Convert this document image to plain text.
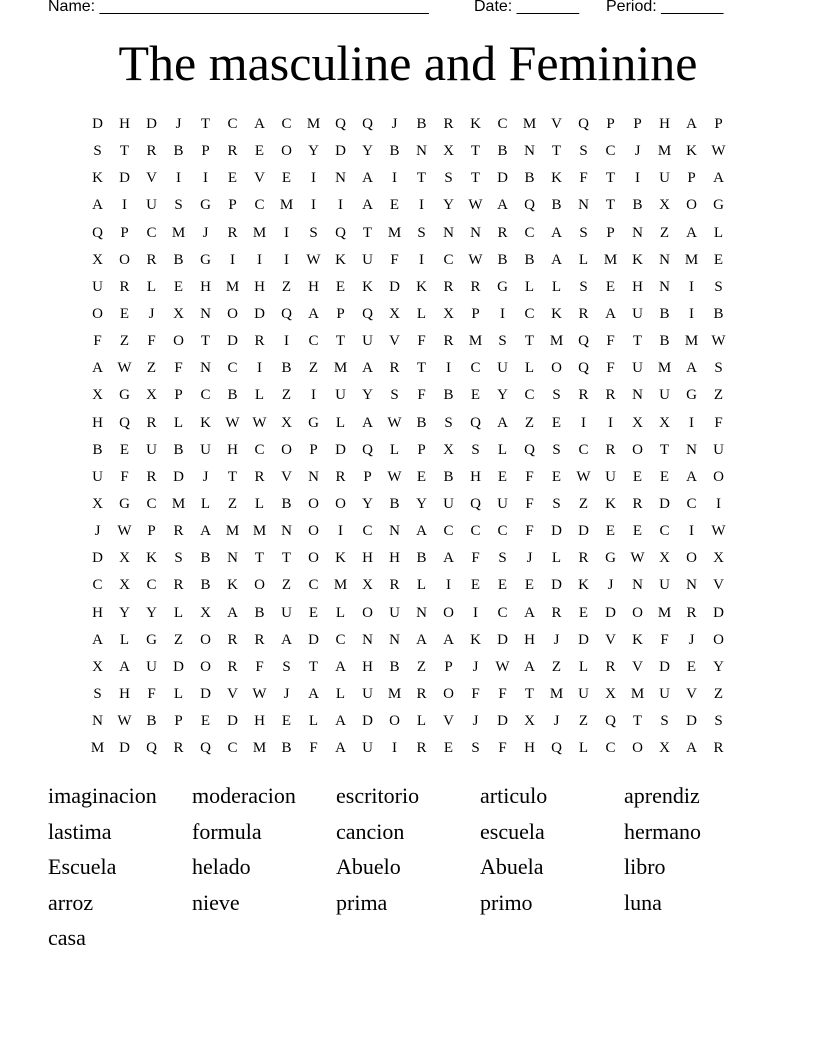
Name: _____________________________________	Date: _______ Period: _______
The masculine and Feminine
D	H	D	J	T	C	A	C	M Q	Q	J	B	R	K	C	M V	Q	P	P	H	A	P
S	T	R	B	P	R	E	O	Y	D	Y	B	N	X	T	B	N	T	S	C	J	M K W
K	D	V	I	I	E	V	E	I	N	A	I	T	S	T	D	B	K	F	T	I	U	P	A
A	I	U	S	G	P	C	M	I	I	A	E	I	Y W A	Q	B	N	T	B	X	O	G
Q	P	C	M	J	R	M	I	S	Q	T	M	S	N	N	R	C	A	S	P	N	Z	A	L
X	O	R	B	G	I	I	I	W K	U	F	I	C W B	B	A	L	M K	N M	E
U	R	L	E	H M H	Z	H	E	K	D	K	R	R	G	L	L	S	E	H	N	I	S
O	E	J	X	N	O	D	Q	A	P	Q	X	L	X	P	I	C	K	R	A	U	B	I	B
F	Z	F	O	T	D	R	I	C	T	U	V	F	R	M	S	T	M Q	F	T	B	M W
A W	Z	F	N	C	I	B	Z	M A	R	T	I	C	U	L	O	Q	F	U M A	S
X	G	X	P	C	B	L	Z	I	U	Y	S	F	B	E	Y	C	S	R	R	N	U	G	Z
H	Q	R	L	K W W X	G	L	A W B	S	Q	A	Z	E	I	I	X	X	I	F
B	E	U	B	U	H	C	O	P	D	Q	L	P	X	S	L	Q	S	C	R	O	T	N	U
U	F	R	D	J	T	R	V	N	R	P	W	E	B	H	E	F	E	W U	E	E	A	O
X	G	C	M	L	Z	L	B	O	O	Y	B	Y	U	Q	U	F	S	Z	K	R	D	C	I
J	W	P	R	A M M N	O	I	C	N	A	C	C	C	F	D	D	E	E	C	I	W
D	X	K	S	B	N	T	T	O	K	H	H	B	A	F	S	J	L	R	G W X	O	X
C	X	C	R	B	K	O	Z	C	M X	R	L	I	E	E	E	D	K	J	N	U	N	V
H	Y	Y	L	X	A	B	U	E	L	O	U	N	O	I	C	A	R	E	D	O M	R	D
A	L	G	Z	O	R	R	A	D	C	N	N	A	A	K	D	H	J	D	V	K	F	J	O
X	A	U	D	O	R	F	S	T	A	H	B	Z	P	J	W A	Z	L	R	V	D	E	Y
S	H	F	L	D	V W	J	A	L	U M	R	O	F	F	T	M U	X M U	V	Z
N W B	P	E	D	H	E	L	A	D	O	L	V	J	D	X	J	Z	Q	T	S	D	S
M D	Q	R	Q	C	M	B	F	A	U	I	R	E	S	F	H	Q	L	C	O	X	A	R
imaginacion	moderacion	escritorio	articulo	aprendiz
lastima	formula	cancion	escuela	hermano
Escuela	helado	Abuelo	Abuela	libro
arroz	nieve	prima	primo	luna
casa
